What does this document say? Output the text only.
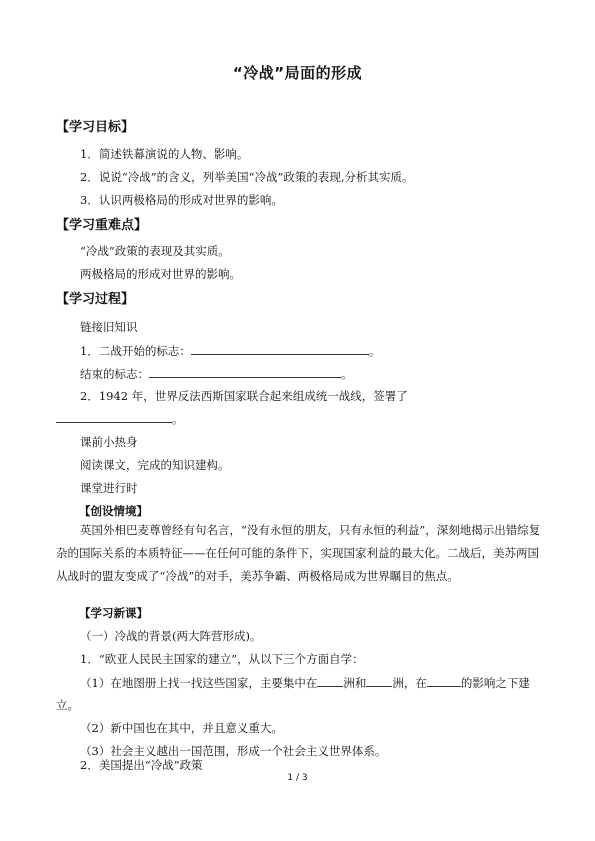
“冷战”局面的形成
【学习目标】
1．简述铁幕演说的人物、影响。
2．说说“冷战”的含义，列举美国“冷战”政策的表现,分析其实质。
3．认识两极格局的形成对世界的影响。
【学习重难点】
“冷战”政策的表现及其实质。
两极格局的形成对世界的影响。
【学习过程】
链接旧知识
1．二战开始的标志：	。
结束的标志：	。
2．1942 年，世界反法西斯国家联合起来组成统一战线，签署了
。
课前小热身
阅读课文，完成的知识建构。
课堂进行时
【创设情境】
英国外相巴麦尊曾经有句名言，“没有永恒的朋友，只有永恒的利益”，深刻地揭示出错综复杂的国际关系的本质特征——在任何可能的条件下，实现国家利益的最大化。二战后，美苏两国从战时的盟友变成了“冷战”的对手，美苏争霸、两极格局成为世界瞩目的焦点。
【学习新课】
（一）冷战的背景(两大阵营形成)。
1．“欧亚人民民主国家的建立”，从以下三个方面自学：
（1）在地图册上找一找这些国家，主要集中在 洲和 洲，在	的影响之下建
立。
（2）新中国也在其中，并且意义重大。
（3）社会主义越出一国范围，形成一个社会主义世界体系。
2．美国提出“冷战”政策
1 / 3
